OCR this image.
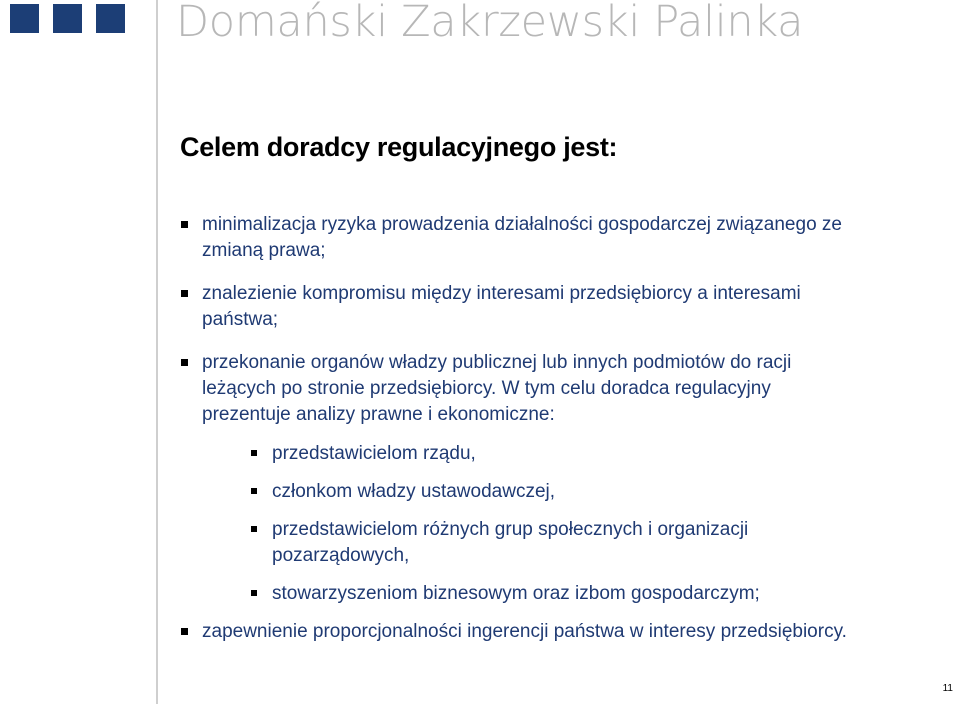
Domański Zakrzewski Palinka
Celem doradcy regulacyjnego jest:
minimalizacja ryzyka prowadzenia działalności gospodarczej związanego ze zmianą prawa;
znalezienie kompromisu między interesami przedsiębiorcy a interesami państwa;
przekonanie organów władzy publicznej lub innych podmiotów do racji leżących po stronie przedsiębiorcy. W tym celu doradca regulacyjny prezentuje analizy prawne i ekonomiczne:
przedstawicielom rządu,
członkom władzy ustawodawczej,
przedstawicielom różnych grup społecznych i organizacji pozarządowych,
stowarzyszeniom biznesowym oraz izbom gospodarczym;
zapewnienie proporcjonalności ingerencji państwa w interesy przedsiębiorcy.
11
